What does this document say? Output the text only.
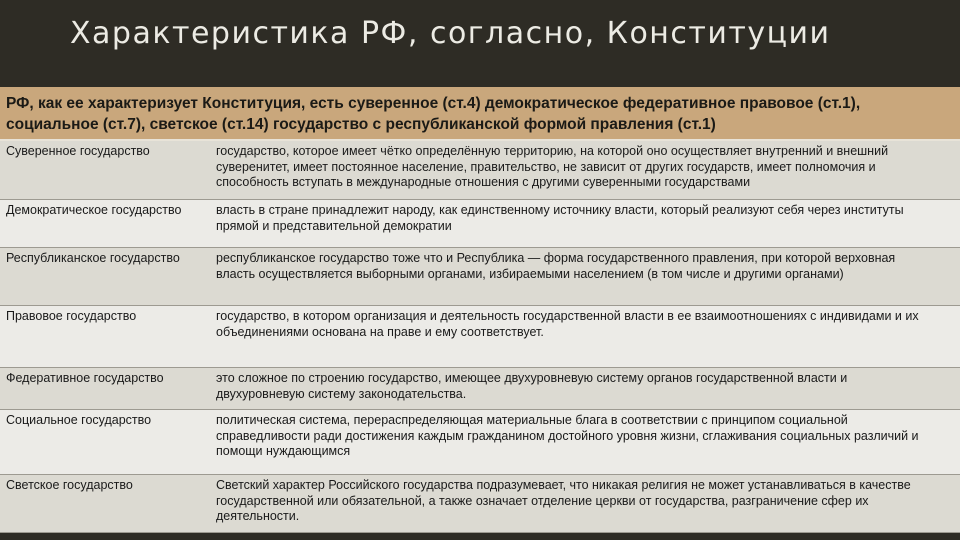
Характеристика РФ, согласно, Конституции
РФ, как ее характеризует Конституция, есть суверенное (ст.4) демократическое федеративное правовое (ст.1), социальное (ст.7), светское (ст.14) государство с республиканской формой правления (ст.1)
Суверенное государство	государство, которое имеет чётко определённую территорию, на которой оно осуществляет внутренний и внешний суверенитет, имеет постоянное население, правительство, не зависит от других государств, имеет полномочия и способность вступать в международные отношения с другими суверенными государствами
Демократическое государство	власть в стране принадлежит народу, как единственному источнику власти, который реализуют себя через институты прямой и представительной демократии
Республиканское государство	республиканское государство тоже что и Республика — форма государственного правления, при которой верховная власть осуществляется выборными органами, избираемыми населением (в том числе и другими органами)
Правовое государство	государство, в котором организация и деятельность государственной власти в ее взаимоотношениях с индивидами и их объединениями основана на праве и ему соответствует.
Федеративное государство	это сложное по строению государство, имеющее двухуровневую систему органов государственной власти и двухуровневую систему законодательства.
Социальное государство	политическая система, перераспределяющая материальные блага в соответствии с принципом социальной справедливости ради достижения каждым гражданином достойного уровня жизни, сглаживания социальных различий и помощи нуждающимся
Светское государство	Светский характер Российского государства подразумевает, что никакая религия не может устанавливаться в качестве государственной или обязательной, а также означает отделение церкви от государства, разграничение сфер их деятельности.
